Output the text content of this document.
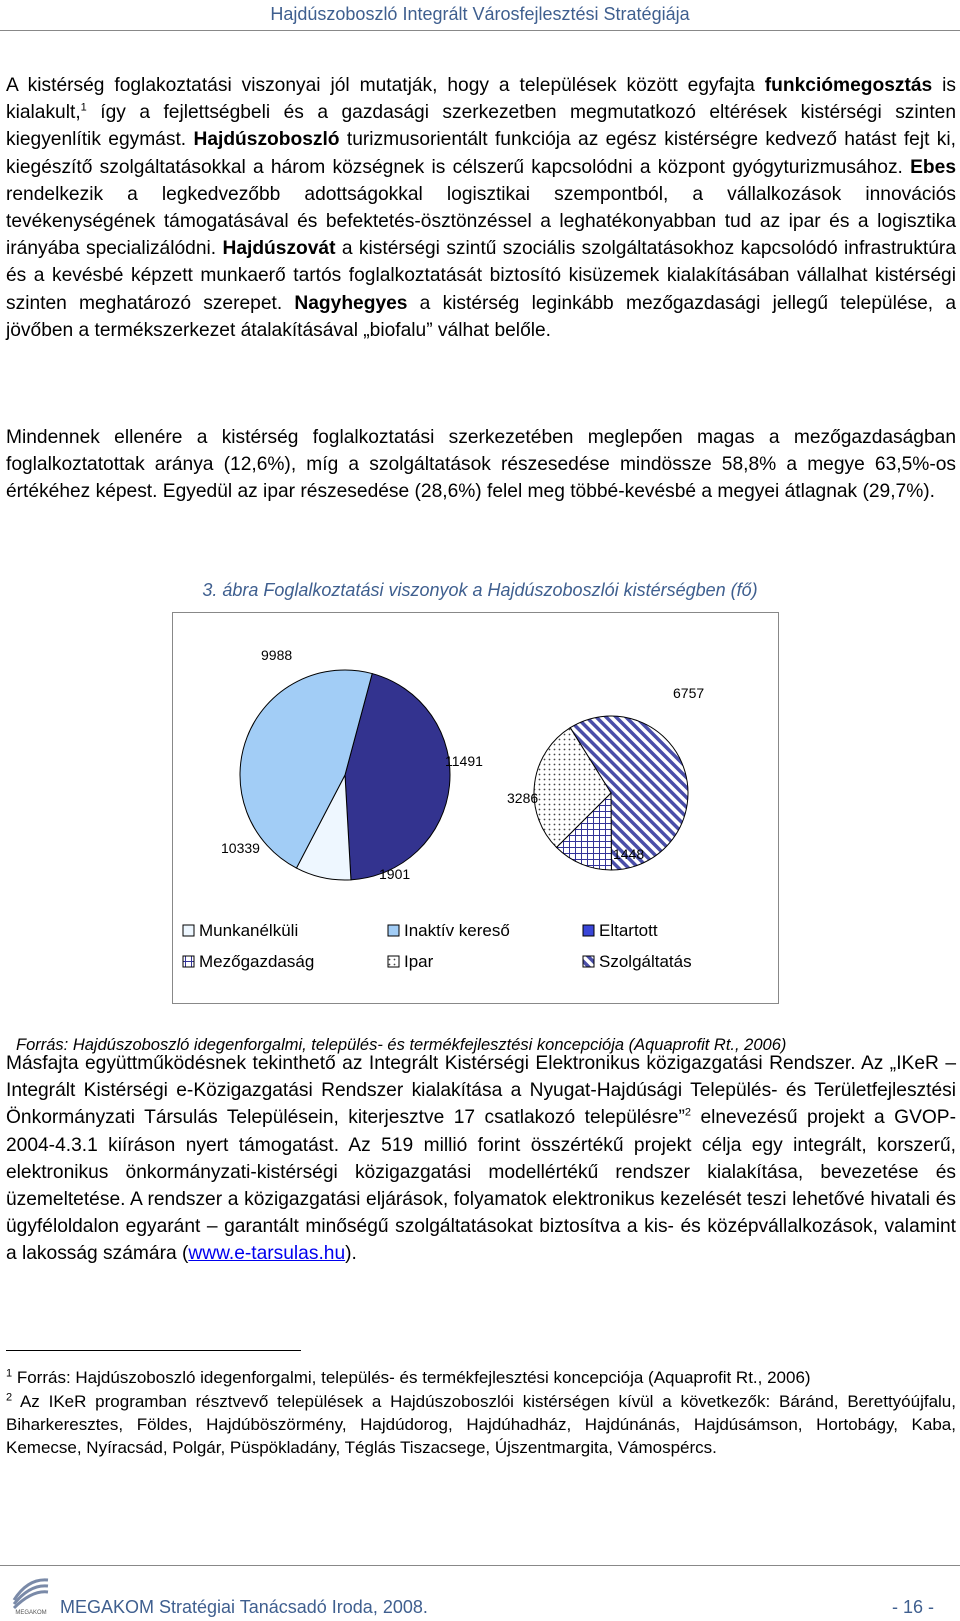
Hajdúszoboszló Integrált Városfejlesztési Stratégiája

A kistérség foglakoztatási viszonyai jól mutatják, hogy a települések között egyfajta funkciómegosztás is kialakult,$^1$ így a fejlettségbeli és a gazdasági szerkezetben megmutatkozó eltérések kistérségi szinten kiegyenlítik egymást. Hajdúszoboszló turizmusorientált funkciója az egész kistérségre kedvező hatást fejt ki, kiegészítő szolgáltatásokkal a három községnek is célszerű kapcsolódni a központ gyógyturizmusához. Ebes rendelkezik a legkedvezőbb adottságokkal logisztikai szempontból, a vállalkozások innovációs tevékenységének támogatásával és befektetés-ösztönzéssel a leghatékonyabban tud az ipar és a logisztika irányába specializálódni. Hajdúszovát a kistérségi szintű szociális szolgáltatásokhoz kapcsolódó infrastruktúra és a kevésbé képzett munkaerő tartós foglalkoztatását biztosító kisüzemek kialakításában vállalhat kistérségi szinten meghatározó szerepet. Nagyhegyes a kistérség leginkább mezőgazdasági jellegű települése, a jövőben a termékszerkezet átalakításával „biofalu” válhat belőle.

Mindennek ellenére a kistérség foglalkoztatási szerkezetében meglepően magas a mezőgazdaságban foglalkoztatottak aránya (12,6%), míg a szolgáltatások részesedése mindössze 58,8% a megye 63,5%-os értékéhez képest. Egyedül az ipar részesedése (28,6%) felel meg többé-kevésbé a megyei átlagnak (29,7%).

3. ábra Foglalkoztatási viszonyok a Hajdúszoboszlói kistérségben (fő)
9988
10339
1901
11491
6757
3286
1448
Munkanélküli	Inaktív kereső	Eltartott
Mezőgazdaság	Ipar	Szolgáltatás
Forrás: Hajdúszoboszló idegenforgalmi, település- és termékfejlesztési koncepciója (Aquaprofit Rt., 2006)

Másfajta együttműködésnek tekinthető az Integrált Kistérségi Elektronikus közigazgatási Rendszer. Az „IKeR – Integrált Kistérségi e-Közigazgatási Rendszer kialakítása a Nyugat-Hajdúsági Település- és Területfejlesztési Önkormányzati Társulás Településein, kiterjesztve 17 csatlakozó településre”$^2$ elnevezésű projekt a GVOP-2004-4.3.1 kiíráson nyert támogatást. Az 519 millió forint összértékű projekt célja egy integrált, korszerű, elektronikus önkormányzati-kistérségi közigazgatási modellértékű rendszer kialakítása, bevezetése és üzemeltetése. A rendszer a közigazgatási eljárások, folyamatok elektronikus kezelését teszi lehetővé hivatali és ügyféloldalon egyaránt – garantált minőségű szolgáltatásokat biztosítva a kis- és középvállalkozások, valamint a lakosság számára (www.e-tarsulas.hu).

$^1$ Forrás: Hajdúszoboszló idegenforgalmi, település- és termékfejlesztési koncepciója (Aquaprofit Rt., 2006)
$^2$ Az IKeR programban résztvevő települések a Hajdúszoboszlói kistérségen kívül a következők: Báránd, Berettyóújfalu, Biharkeresztes, Földes, Hajdúböszörmény, Hajdúdorog, Hajdúhadház, Hajdúnánás, Hajdúsámson, Hortobágy, Kaba, Kemecse, Nyíracsád, Polgár, Püspökladány, Téglás Tiszacsege, Újszentmargita, Vámospércs.
MEGAKOM MEGAKOM Stratégiai Tanácsadó Iroda, 2008.	- 16 -
